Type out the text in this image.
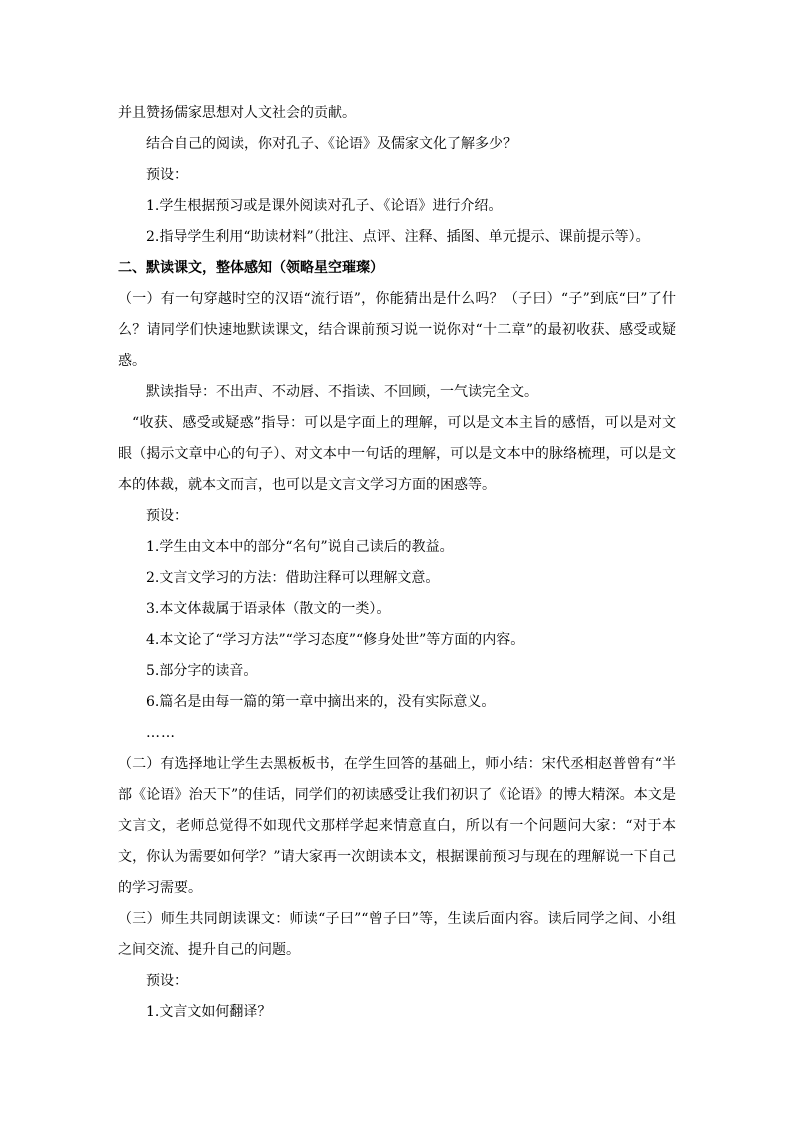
并且赞扬儒家思想对人文社会的贡献。

结合自己的阅读，你对孔子、《论语》及儒家文化了解多少？

预设：

1.学生根据预习或是课外阅读对孔子、《论语》进行介绍。

2.指导学生利用“助读材料”（批注、点评、注释、插图、单元提示、课前提示等）。

二、默读课文，整体感知（领略星空璀璨）

（一）有一句穿越时空的汉语“流行语”，你能猜出是什么吗？（子曰）“子”到底“曰”了什么？请同学们快速地默读课文，结合课前预习说一说你对“十二章”的最初收获、感受或疑惑。

默读指导：不出声、不动唇、不指读、不回顾，一气读完全文。

“收获、感受或疑惑”指导：可以是字面上的理解，可以是文本主旨的感悟，可以是对文眼（揭示文章中心的句子）、对文本中一句话的理解，可以是文本中的脉络梳理，可以是文本的体裁，就本文而言，也可以是文言文学习方面的困惑等。

预设：

1.学生由文本中的部分“名句”说自己读后的教益。

2.文言文学习的方法：借助注释可以理解文意。

3.本文体裁属于语录体（散文的一类）。

4.本文论了“学习方法”“学习态度”“修身处世”等方面的内容。

5.部分字的读音。

6.篇名是由每一篇的第一章中摘出来的，没有实际意义。

……

（二）有选择地让学生去黑板板书，在学生回答的基础上，师小结：宋代丞相赵普曾有“半部《论语》治天下”的佳话，同学们的初读感受让我们初识了《论语》的博大精深。本文是文言文，老师总觉得不如现代文那样学起来情意直白，所以有一个问题问大家：“对于本文，你认为需要如何学？”请大家再一次朗读本文，根据课前预习与现在的理解说一下自己的学习需要。

（三）师生共同朗读课文：师读“子曰”“曾子曰”等，生读后面内容。读后同学之间、小组之间交流、提升自己的问题。

预设：

1.文言文如何翻译？
